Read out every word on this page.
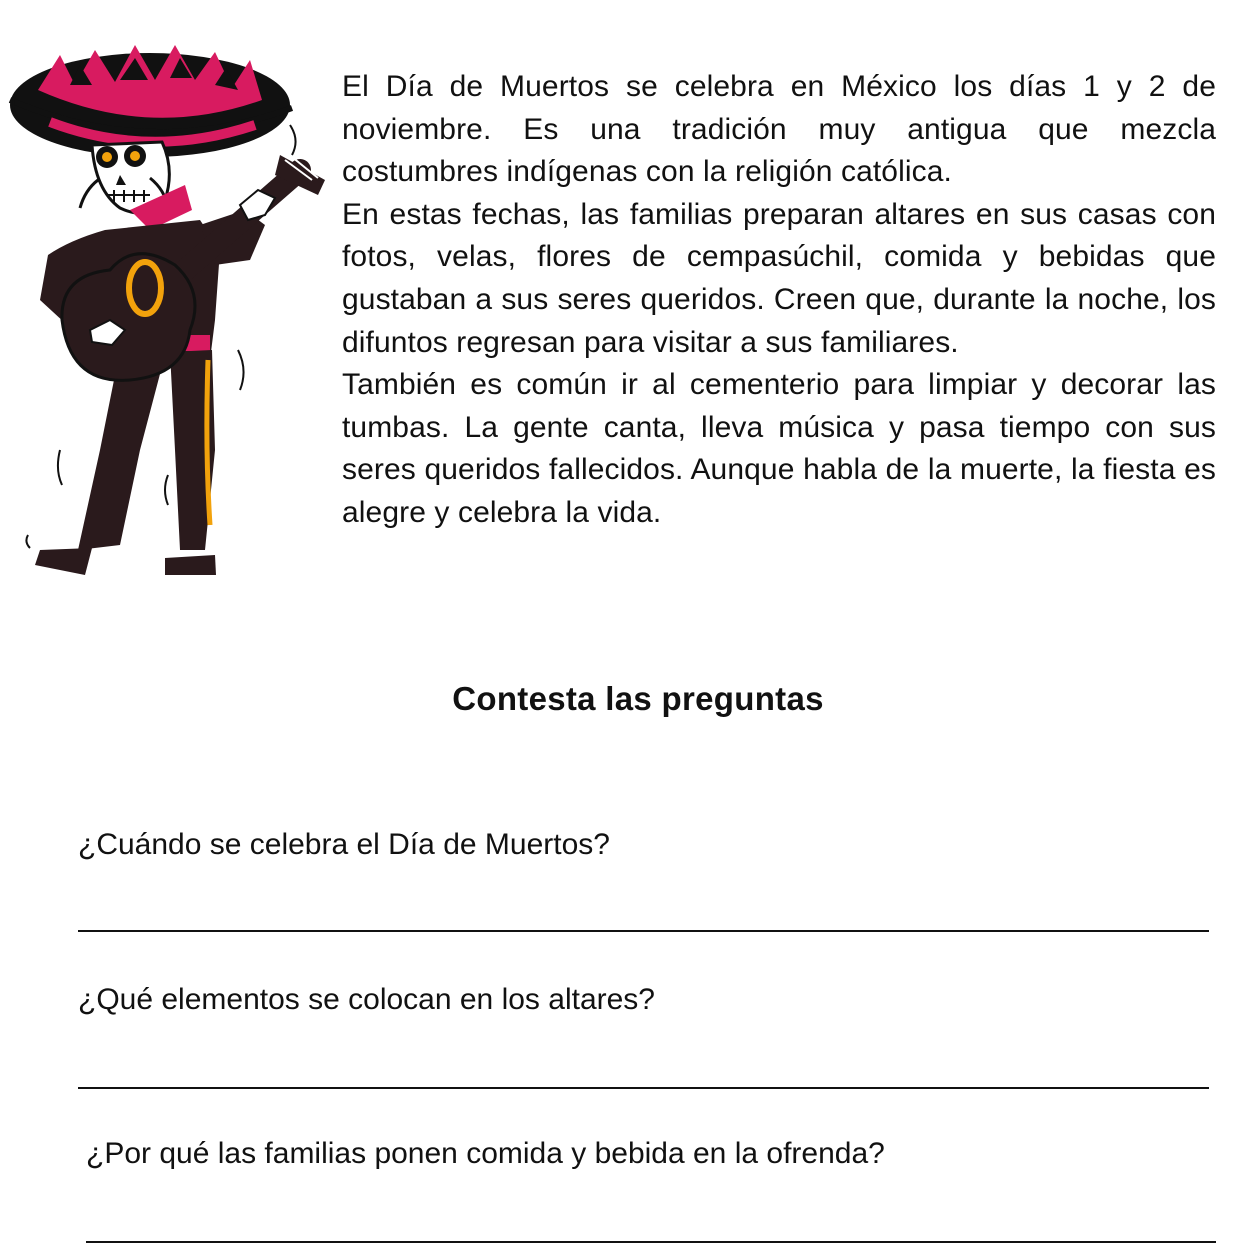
El Día de Muertos se celebra en México los días 1 y 2 de noviembre. Es una tradición muy antigua que mezcla costumbres indígenas con la religión católica.

En estas fechas, las familias preparan altares en sus casas con fotos, velas, flores de cempasúchil, comida y bebidas que gustaban a sus seres queridos. Creen que, durante la noche, los difuntos regresan para visitar a sus familiares.

También es común ir al cementerio para limpiar y decorar las tumbas. La gente canta, lleva música y pasa tiempo con sus seres queridos fallecidos. Aunque habla de la muerte, la fiesta es alegre y celebra la vida.

Contesta las preguntas
¿Cuándo se celebra el Día de Muertos?
¿Qué elementos se colocan en los altares?
¿Por qué las familias ponen comida y bebida en la ofrenda?
